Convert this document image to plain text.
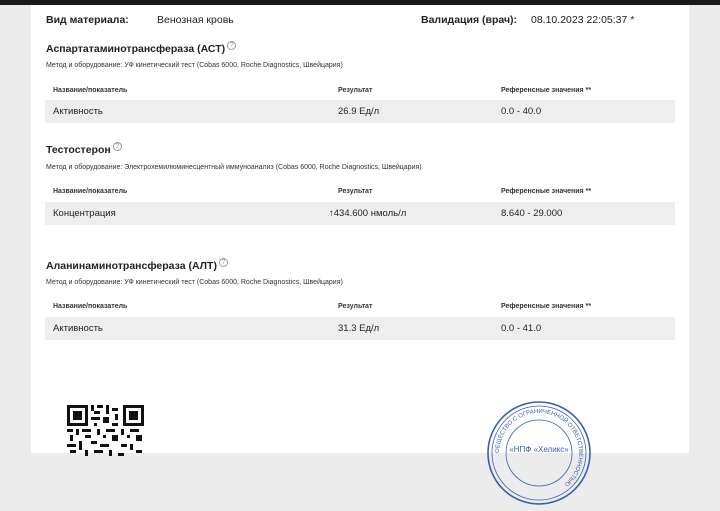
Вид материала:	Венозная кровь	Валидация (врач): 08.10.2023 22:05:37 *
Аспартатаминотрансфераза (АСТ) ?
Метод и оборудование: УФ кинетический тест (Cobas 6000, Roche Diagnostics, Швейцария)
Название/показатель	Результат	Референсные значения **
Активность	26.9 Ед/л	0.0 - 40.0
Тестостерон ?
Метод и оборудование: Электрохемилюминесцентный иммуноанализ (Cobas 6000, Roche Diagnostics, Швейцария)
Название/показатель	Результат	Референсные значения **
Концентрация	↑434.600 нмоль/л	8.640 - 29.000
Аланинаминотрансфераза (АЛТ) ?
Метод и оборудование: УФ кинетический тест (Cobas 6000, Roche Diagnostics, Швейцария)
Название/показатель	Результат	Референсные значения **
Активность	31.3 Ед/л	0.0 - 41.0
ОБЩЕСТВО С ОГРАНИЧЕННОЙ ОТВЕТСТВЕННОСТЬЮ
«НПФ «Хеликс»
